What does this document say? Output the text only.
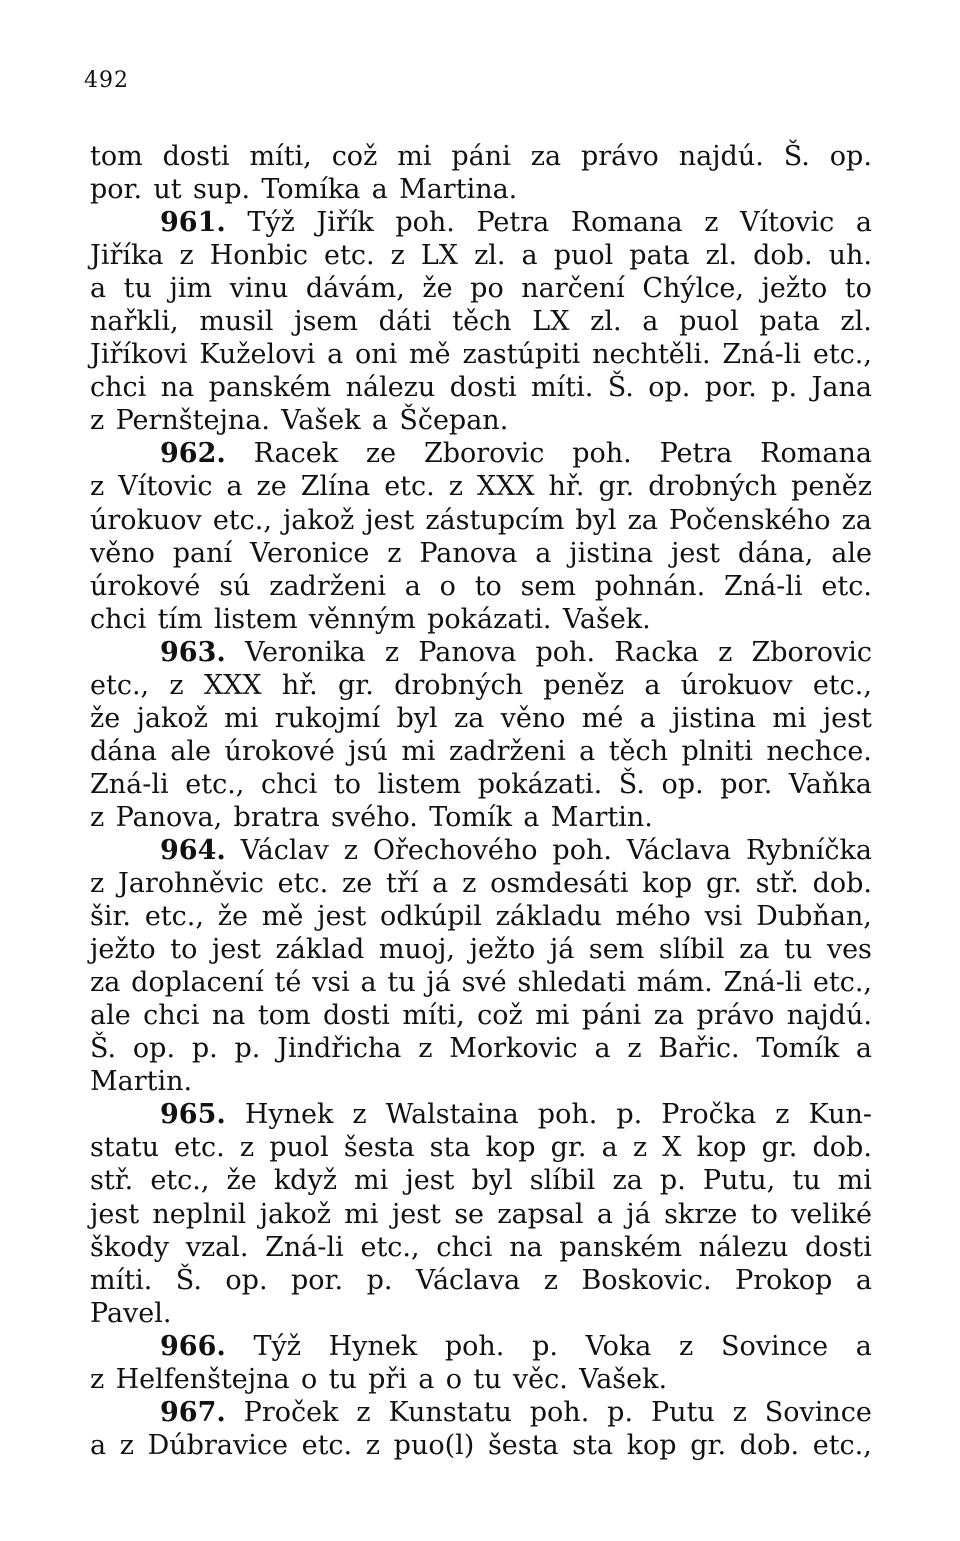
492
tom dosti míti, což mi páni za právo najdú. Š. op.
por. ut sup. Tomíka a Martina.
961. Týž Jiřík poh. Petra Romana z Vítovic a
Jiříka z Honbic etc. z LX zl. a puol pata zl. dob. uh.
a tu jim vinu dávám, že po narčení Chýlce, ježto to
nařkli, musil jsem dáti těch LX zl. a puol pata zl.
Jiříkovi Kuželovi a oni mě zastúpiti nechtěli. Zná-li etc.,
chci na panském nálezu dosti míti. Š. op. por. p. Jana
z Pernštejna. Vašek a Ščepan.
962. Racek ze Zborovic poh. Petra Romana
z Vítovic a ze Zlína etc. z XXX hř. gr. drobných peněz
úrokuov etc., jakož jest zástupcím byl za Počenského za
věno paní Veronice z Panova a jistina jest dána, ale
úrokové sú zadrženi a o to sem pohnán. Zná-li etc.
chci tím listem věnným pokázati. Vašek.
963. Veronika z Panova poh. Racka z Zborovic
etc., z XXX hř. gr. drobných peněz a úrokuov etc.,
že jakož mi rukojmí byl za věno mé a jistina mi jest
dána ale úrokové jsú mi zadrženi a těch plniti nechce.
Zná-li etc., chci to listem pokázati. Š. op. por. Vaňka
z Panova, bratra svého. Tomík a Martin.
964. Václav z Ořechového poh. Václava Rybníčka
z Jarohněvic etc. ze tří a z osmdesáti kop gr. stř. dob.
šir. etc., že mě jest odkúpil základu mého vsi Dubňan,
ježto to jest základ muoj, ježto já sem slíbil za tu ves
za doplacení té vsi a tu já své shledati mám. Zná-li etc.,
ale chci na tom dosti míti, což mi páni za právo najdú.
Š. op. p. p. Jindřicha z Morkovic a z Bařic. Tomík a
Martin.
965. Hynek z Walstaina poh. p. Pročka z Kun-
statu etc. z puol šesta sta kop gr. a z X kop gr. dob.
stř. etc., že když mi jest byl slíbil za p. Putu, tu mi
jest neplnil jakož mi jest se zapsal a já skrze to veliké
škody vzal. Zná-li etc., chci na panském nálezu dosti
míti. Š. op. por. p. Václava z Boskovic. Prokop a
Pavel.
966. Týž Hynek poh. p. Voka z Sovince a
z Helfenštejna o tu při a o tu věc. Vašek.
967. Proček z Kunstatu poh. p. Putu z Sovince
a z Dúbravice etc. z puo(l) šesta sta kop gr. dob. etc.,
